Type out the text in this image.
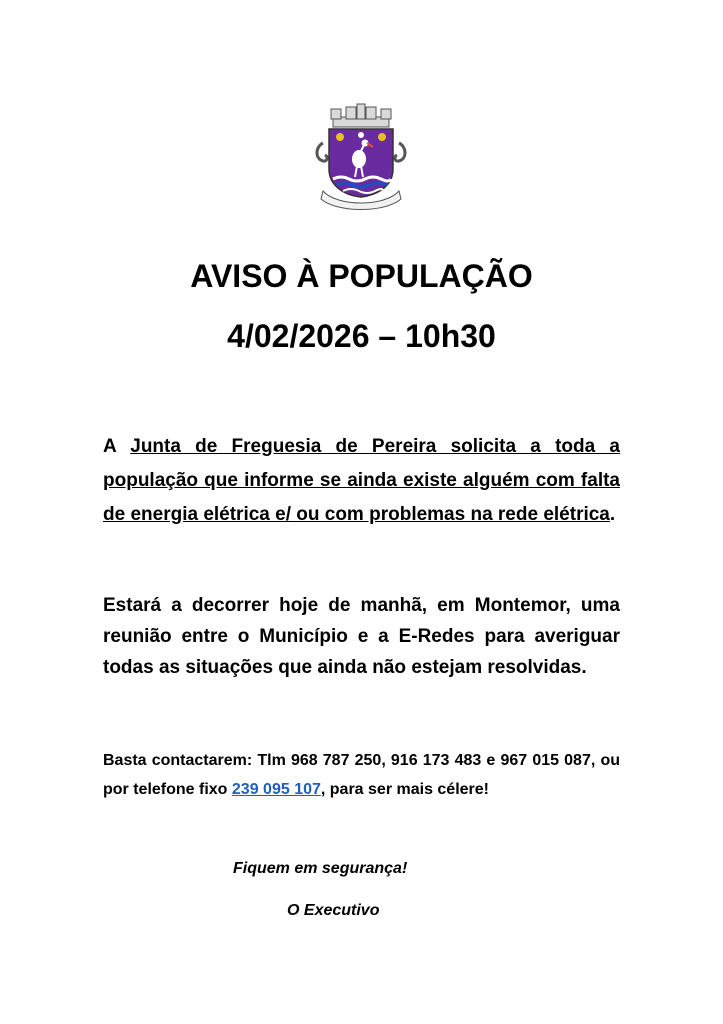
AVISO À POPULAÇÃO
4/02/2026 – 10h30

A Junta de Freguesia de Pereira solicita a toda a população que informe se ainda existe alguém com falta de energia elétrica e/ ou com problemas na rede elétrica.

Estará a decorrer hoje de manhã, em Montemor, uma reunião entre o Município e a E-Redes para averiguar todas as situações que ainda não estejam resolvidas.

Basta contactarem: Tlm 968 787 250, 916 173 483 e 967 015 087, ou por telefone fixo 239 095 107, para ser mais célere!

Fiquem em segurança!

O Executivo
